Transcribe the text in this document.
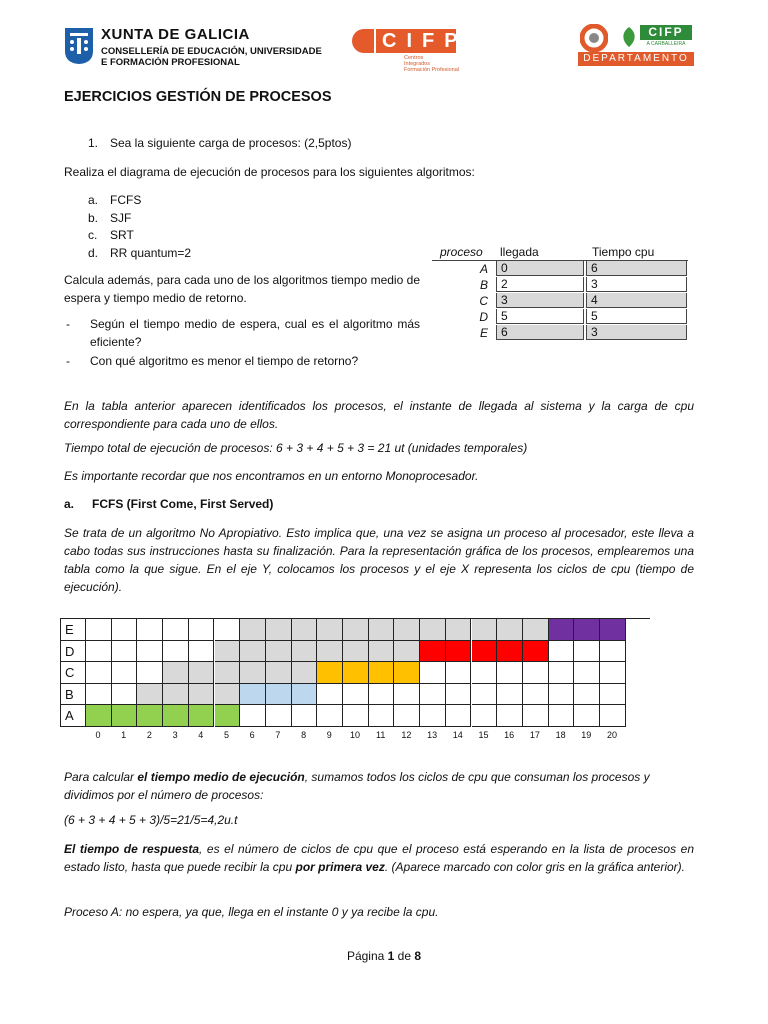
XUNTA DE GALICIA
CONSELLERÍA DE EDUCACIÓN, UNIVERSIDADE
E FORMACIÓN PROFESIONAL
CIFP
Centros
Integrados
Formación Profesional
CIFP
A CARBALLEIRA
DEPARTAMENTO
EJERCICIOS GESTIÓN DE PROCESOS
1. Sea la siguiente carga de procesos: (2,5ptos)
Realiza el diagrama de ejecución de procesos para los siguientes algoritmos:
a. FCFS
b. SJF
c. SRT
d. RR quantum=2
Calcula además, para cada uno de los algoritmos tiempo medio de espera y tiempo medio de retorno.
- Según el tiempo medio de espera, cual es el algoritmo más eficiente?
- Con qué algoritmo es menor el tiempo de retorno?
proceso llegada	Tiempo cpu
A	0	6
B	2	3
C	3	4
D	5	5
E	6	3
En la tabla anterior aparecen identificados los procesos, el instante de llegada al sistema y la carga de cpu correspondiente para cada uno de ellos.
Tiempo total de ejecución de procesos: 6 + 3 + 4 + 5 + 3 = 21 ut (unidades temporales)
Es importante recordar que nos encontramos en un entorno Monoprocesador.
a. FCFS (First Come, First Served)
Se trata de un algoritmo No Apropiativo. Esto implica que, una vez se asigna un proceso al procesador, este lleva a cabo todas sus instrucciones hasta su finalización. Para la representación gráfica de los procesos, emplearemos una tabla como la que sigue. En el eje Y, colocamos los procesos y el eje X representa los ciclos de cpu (tiempo de ejecución).
E
D
C
B
A
0	1	2	3	4	5	6	7	8	9	10	11	12	13	14	15	16	17	18	19	20
Para calcular el tiempo medio de ejecución, sumamos todos los ciclos de cpu que consuman los procesos y dividimos por el número de procesos:
(6 + 3 + 4 + 5 + 3)/5=21/5=4,2u.t
El tiempo de respuesta, es el número de ciclos de cpu que el proceso está esperando en la lista de procesos en estado listo, hasta que puede recibir la cpu por primera vez. (Aparece marcado con color gris en la gráfica anterior).
Proceso A: no espera, ya que, llega en el instante 0 y ya recibe la cpu.
Página 1 de 8
